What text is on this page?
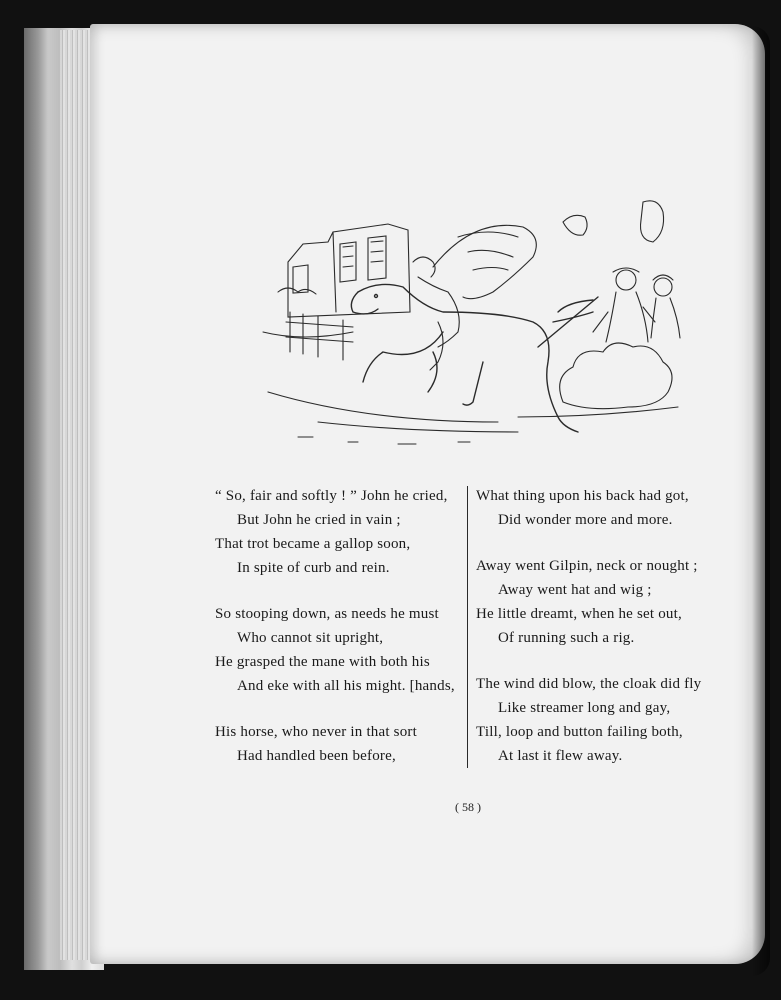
“ So, fair and softly ! ” John he cried,
But John he cried in vain ;
That trot became a gallop soon,
In spite of curb and rein.
So stooping down, as needs he must
Who cannot sit upright,
He grasped the mane with both his
And eke with all his might. [hands,
His horse, who never in that sort
Had handled been before,
What thing upon his back had got,
Did wonder more and more.
Away went Gilpin, neck or nought ;
Away went hat and wig ;
He little dreamt, when he set out,
Of running such a rig.
The wind did blow, the cloak did fly
Like streamer long and gay,
Till, loop and button failing both,
At last it flew away.
( 58 )
